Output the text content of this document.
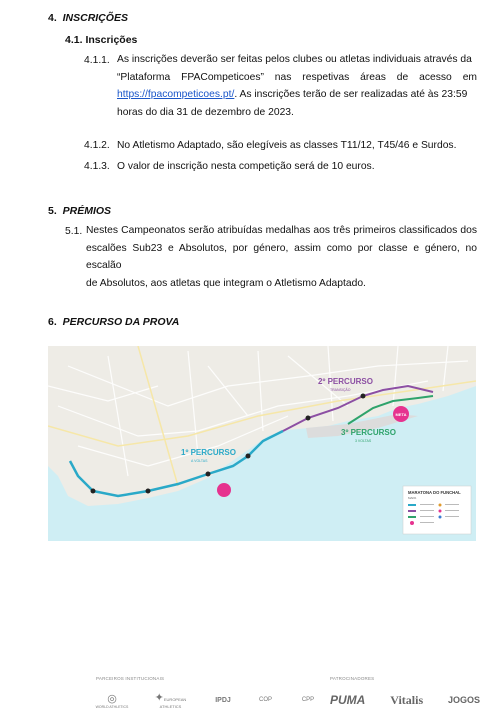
4. INSCRIÇÕES
4.1. Inscrições
4.1.1. As inscrições deverão ser feitas pelos clubes ou atletas individuais através da
“Plataforma FPACompeticoes” nas respetivas áreas de acesso em
https://fpacompeticoes.pt/. As inscrições terão de ser realizadas até às 23:59
horas do dia 31 de dezembro de 2023.
4.1.2. No Atletismo Adaptado, são elegíveis as classes T11/12, T45/46 e Surdos.
4.1.3. O valor de inscrição nesta competição será de 10 euros.
5. PRÉMIOS
5.1. Nestes Campeonatos serão atribuídas medalhas aos três primeiros classificados dos
escalões Sub23 e Absolutos, por género, assim como por classe e género, no escalão
de Absolutos, aos atletas que integram o Atletismo Adaptado.
6. PERCURSO DA PROVA
META
1º PERCURSO
A VOLTAS
2º PERCURSO
TRANSIÇÃO
3º PERCURSO
3 VOLTAS
MARATONA DO FUNCHAL
MAPA
PARCEIROS INSTITUCIONAIS	PATROCINADORES
◎
WORLD ATHLETICS
✦EUROPEAN ATHLETICS
IPDJ	COP	CPP	PUMA Vitalis	JOGOS
